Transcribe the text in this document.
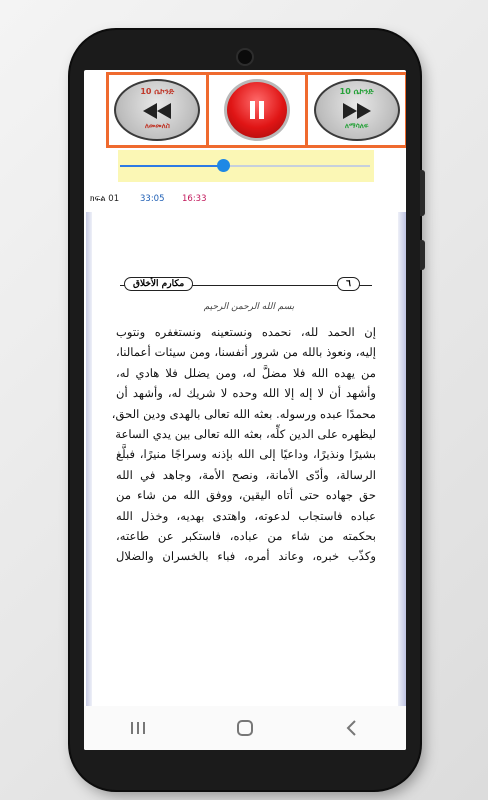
10 ሴኮንድ
ለመመለስ
10 ሴኮንድ
ለማሳለፍ
ክፍል 01 33:05 16:33
مكارم الأخلاق	٦
بسم الله الرحمن الرحيم
إن الحمد لله، نحمده ونستعينه ونستغفره ونتوب
إليه، ونعوذ بالله من شرور أنفسنا، ومن سيئات أعمالنا،
من يهده الله فلا مضلَّ له، ومن يضلل فلا هادي له،
وأشهد أن لا إله إلا الله وحده لا شريك له، وأشهد أن
محمدًا عبده ورسوله. بعثه الله تعالى بالهدى ودين الحق،
ليظهره على الدين كلِّه، بعثه الله تعالى بين يدي الساعة
بشيرًا ونذيرًا، وداعيًا إلى الله بإذنه وسراجًا منيرًا، فبلَّغ
الرسالة، وأدّى الأمانة، ونصح الأمة، وجاهد في الله
حق جهاده حتى أتاه اليقين، ووفق الله من شاء من
عباده فاستجاب لدعوته، واهتدى بهديه، وخذل الله
بحكمته من شاء من عباده، فاستكبر عن طاعته،
وكذّب خبره، وعاند أمره، فباء بالخسران والضلال
